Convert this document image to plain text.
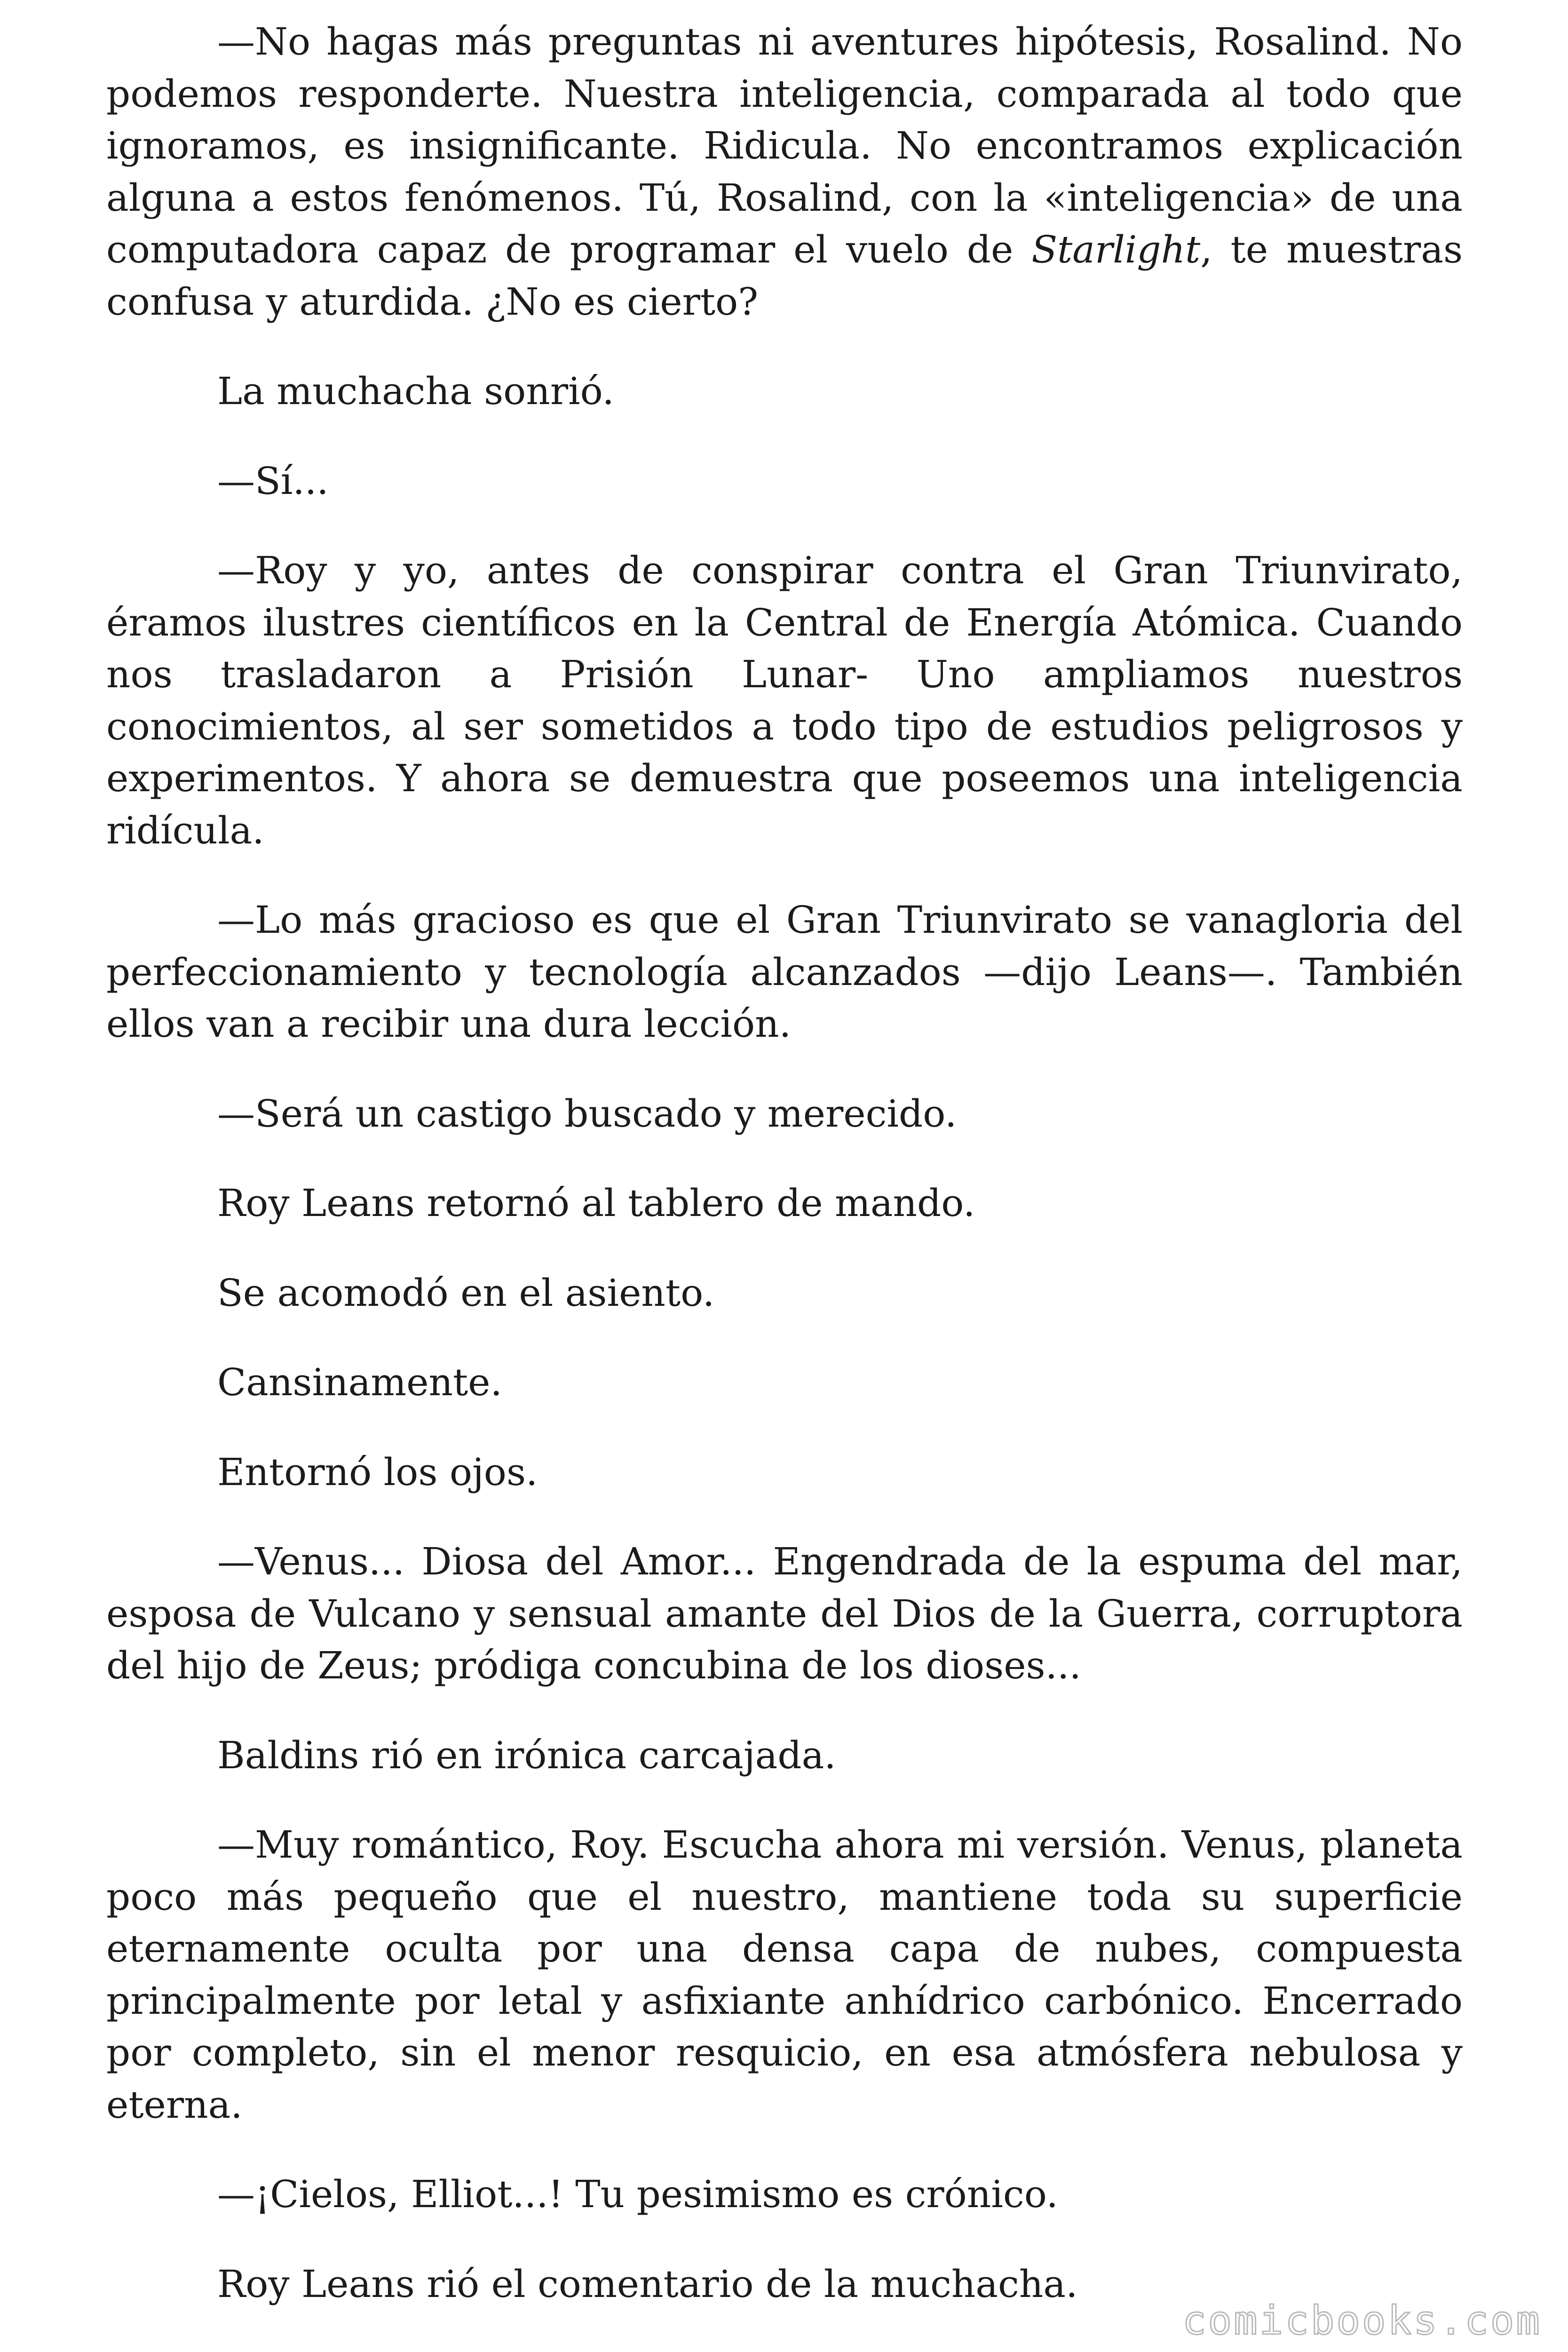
—No hagas más preguntas ni aventures hipótesis, Rosalind. No podemos responderte. Nuestra inteligencia, comparada al todo que ignoramos, es insignificante. Ridicula. No encontramos explicación alguna a estos fenómenos. Tú, Rosalind, con la «inteligencia» de una computadora capaz de programar el vuelo de Starlight, te muestras confusa y aturdida. ¿No es cierto?

La muchacha sonrió.

—Sí...

—Roy y yo, antes de conspirar contra el Gran Triunvirato, éramos ilustres científicos en la Central de Energía Atómica. Cuando nos trasladaron a Prisión Lunar- Uno ampliamos nuestros conocimientos, al ser sometidos a todo tipo de estudios peligrosos y experimentos. Y ahora se demuestra que poseemos una inteligencia ridícula.

—Lo más gracioso es que el Gran Triunvirato se vanagloria del perfeccionamiento y tecnología alcanzados —dijo Leans—. También ellos van a recibir una dura lección.

—Será un castigo buscado y merecido.

Roy Leans retornó al tablero de mando.

Se acomodó en el asiento.

Cansinamente.

Entornó los ojos.

—Venus... Diosa del Amor... Engendrada de la espuma del mar, esposa de Vulcano y sensual amante del Dios de la Guerra, corruptora del hijo de Zeus; pródiga concubina de los dioses...

Baldins rió en irónica carcajada.

—Muy romántico, Roy. Escucha ahora mi versión. Venus, planeta poco más pequeño que el nuestro, mantiene toda su superficie eternamente oculta por una densa capa de nubes, compuesta principalmente por letal y asfixiante anhídrico carbónico. Encerrado por completo, sin el menor resquicio, en esa atmósfera nebulosa y eterna.

—¡Cielos, Elliot...! Tu pesimismo es crónico.

Roy Leans rió el comentario de la muchacha.

comicbooks.com
